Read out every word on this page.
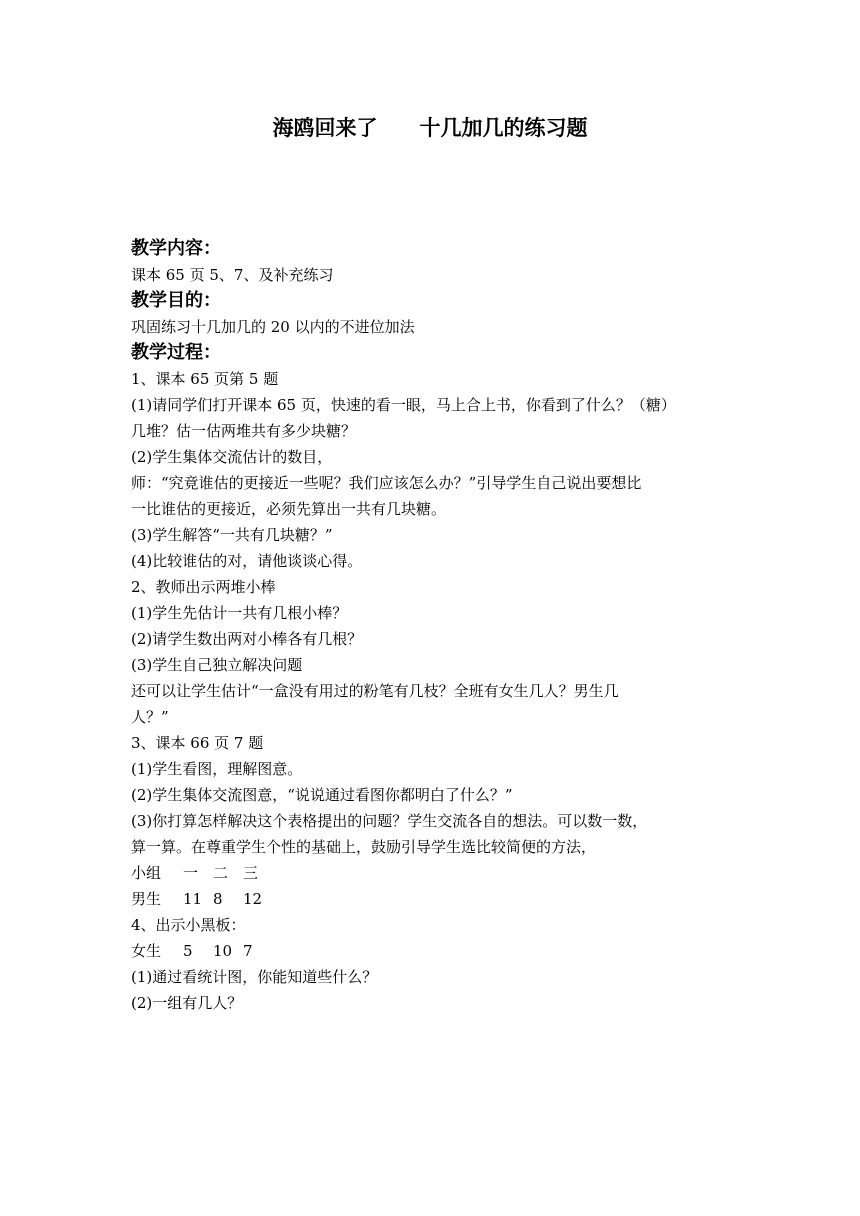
海鸥回来了 十几加几的练习题
教学内容：
课本 65 页 5、7、及补充练习
教学目的：
巩固练习十几加几的 20 以内的不进位加法
教学过程：
1、课本 65 页第 5 题
(1)请同学们打开课本 65 页，快速的看一眼，马上合上书，你看到了什么？（糖）
几堆？估一估两堆共有多少块糖？
(2)学生集体交流估计的数目，
师：“究竟谁估的更接近一些呢？我们应该怎么办？”引导学生自己说出要想比
一比谁估的更接近，必须先算出一共有几块糖。
(3)学生解答“一共有几块糖？”
(4)比较谁估的对，请他谈谈心得。
2、教师出示两堆小棒
(1)学生先估计一共有几根小棒？
(2)请学生数出两对小棒各有几根？
(3)学生自己独立解决问题
还可以让学生估计“一盒没有用过的粉笔有几枝？全班有女生几人？男生几
人？”
3、课本 66 页 7 题
(1)学生看图，理解图意。
(2)学生集体交流图意，“说说通过看图你都明白了什么？”
(3)你打算怎样解决这个表格提出的问题？学生交流各自的想法。可以数一数，
算一算。在尊重学生个性的基础上，鼓励引导学生选比较简便的方法，
小组 一 二 三
男生 11 8 12
4、出示小黑板：
女生 5 10 7
(1)通过看统计图，你能知道些什么？
(2)一组有几人？
